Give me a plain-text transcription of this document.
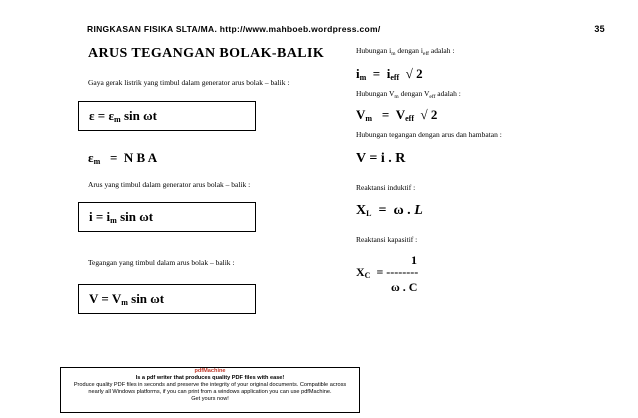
RINGKASAN FISIKA SLTA/MA. http://www.mahboeb.wordpress.com/	35
ARUS TEGANGAN BOLAK-BALIK
Gaya gerak listrik yang timbul dalam generator arus bolak – balik :
$\varepsilon = \varepsilon_m$ sin ωt
$\varepsilon_m = N$ B A
Arus yang timbul dalam generator arus bolak – balik :
$i = i_m$ sin ωt
Tegangan yang timbul dalam arus bolak – balik :
$V = V_m$ sin ωt
Hubungan $i_m$ dengan $i_{eff}$ adalah :
$i_m = i_{eff}$  √ 2
Hubungan $V_m$ dengan $V_{eff}$ adalah :
$V_m = V_{eff}$  √ 2
Hubungan tegangan dengan arus dan hambatan :
V = i . R
Reaktansi induktif :
$X_L = \omega$ . L
Reaktansi kapasitif :
1
$X_C$  = --------
ω . C
pdfMachine
Is a pdf writer that produces quality PDF files with ease!
Produce quality PDF files in seconds and preserve the integrity of your original documents. Compatible across
nearly all Windows platforms, if you can print from a windows application you can use pdfMachine.
Get yours now!
